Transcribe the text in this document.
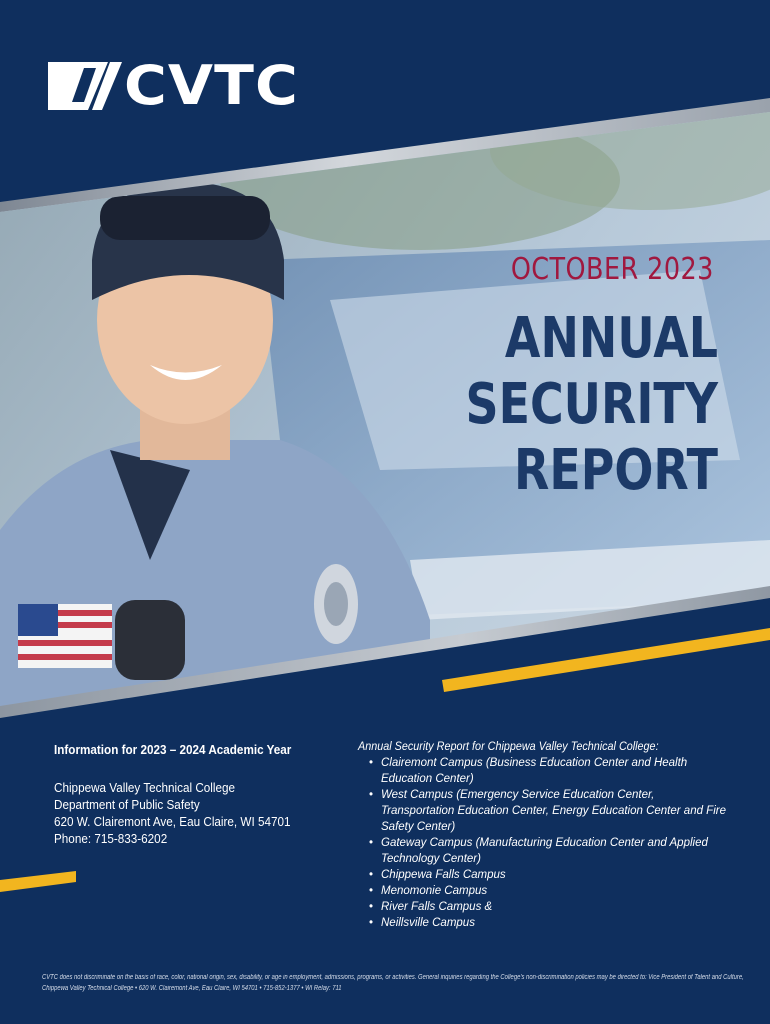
CVTC
OCTOBER 2023
ANNUAL SECURITY REPORT
Information for 2023 – 2024 Academic Year
Chippewa Valley Technical College
Department of Public Safety
620 W. Clairemont Ave, Eau Claire, WI 54701
Phone: 715-833-6202
Annual Security Report for Chippewa Valley Technical College:
• Clairemont Campus (Business Education Center and Health Education Center)
• West Campus (Emergency Service Education Center, Transportation Education Center, Energy Education Center and Fire Safety Center)
• Gateway Campus (Manufacturing Education Center and Applied Technology Center)
• Chippewa Falls Campus
• Menomonie Campus
• River Falls Campus &
• Neillsville Campus
CVTC does not discriminate on the basis of race, color, national origin, sex, disability, or age in employment, admissions, programs, or activities. General inquiries regarding the College's non-discrimination policies may be directed to: Vice President of Talent and Culture,
Chippewa Valley Technical College • 620 W. Clairemont Ave, Eau Claire, WI 54701 • 715-852-1377 • WI Relay: 711
